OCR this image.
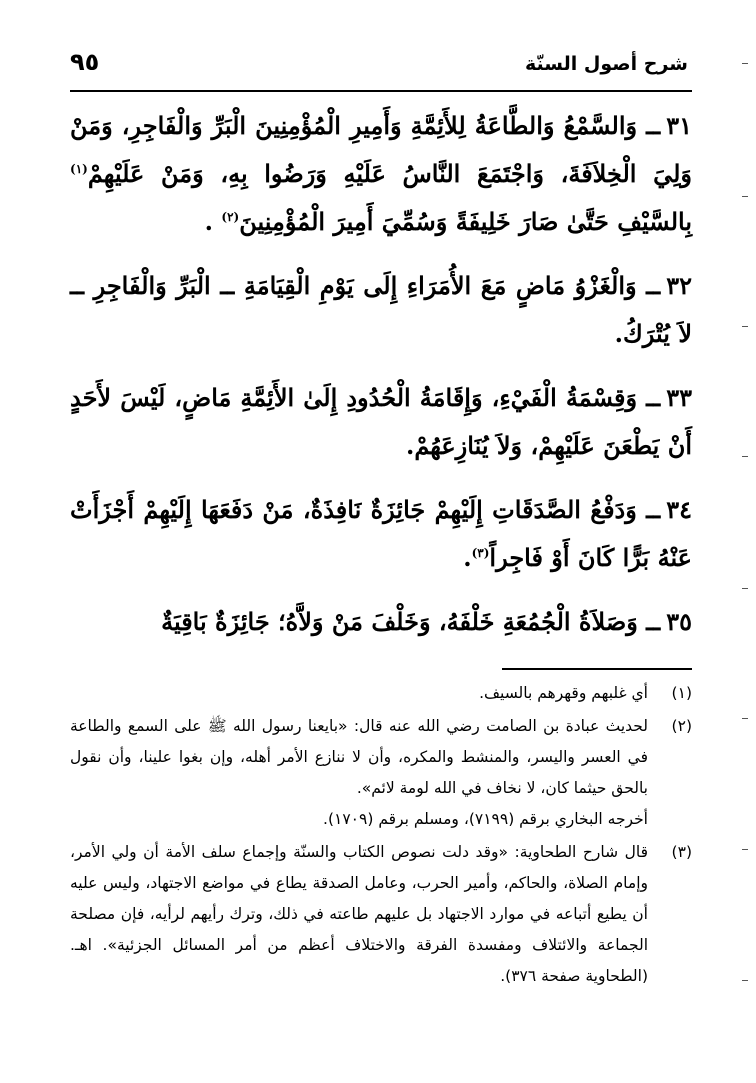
شرح أصول السنّة
٩٥

٣١ــ وَالسَّمْعُ وَالطَّاعَةُ لِلأَئِمَّةِ وَأَمِيرِ الْمُؤْمِنِينَ الْبَرِّ وَالْفَاجِرِ، وَمَنْ وَلِيَ الْخِلاَفَةَ، وَاجْتَمَعَ النَّاسُ عَلَيْهِ وَرَضُوا بِهِ، وَمَنْ عَلَيْهِمْ$^{(١)}$ بِالسَّيْفِ حَتَّىٰ صَارَ خَلِيفَةً وَسُمِّيَ أَمِيرَ الْمُؤْمِنِينَ$^{(٢)}$ .

٣٢ــ وَالْغَزْوُ مَاضٍ مَعَ الأُمَرَاءِ إِلَى يَوْمِ الْقِيَامَةِ ــ الْبَرِّ وَالْفَاجِرِ ــ لاَ يُتْرَكُ.

٣٣ــ وَقِسْمَةُ الْفَيْءِ، وَإِقَامَةُ الْحُدُودِ إِلَىٰ الأَئِمَّةِ مَاضٍ، لَيْسَ لأَحَدٍ أَنْ يَطْعَنَ عَلَيْهِمْ، وَلاَ يُنَازِعَهُمْ.

٣٤ــ وَدَفْعُ الصَّدَقَاتِ إِلَيْهِمْ جَائِزَةٌ نَافِذَةٌ، مَنْ دَفَعَهَا إِلَيْهِمْ أَجْزَأَتْ عَنْهُ بَرًّا كَانَ أَوْ فَاجِراً$^{(٣)}$.

٣٥ــ وَصَلاَةُ الْجُمُعَةِ خَلْفَهُ، وَخَلْفَ مَنْ وَلاَّهُ؛ جَائِزَةٌ بَاقِيَةٌ

(١)
أي غلبهم وقهرهم بالسيف.
(٢)
لحديث عبادة بن الصامت رضي الله عنه قال: «بايعنا رسول الله ﷺ على السمع والطاعة في العسر واليسر، والمنشط والمكره، وأن لا ننازع الأمر أهله، وإن بغوا علينا، وأن نقول بالحق حيثما كان، لا نخاف في الله لومة لائم».
أخرجه البخاري برقم (٧١٩٩)، ومسلم برقم (١٧٠٩).
(٣)
قال شارح الطحاوية: «وقد دلت نصوص الكتاب والسنّة وإجماع سلف الأمة أن ولي الأمر، وإمام الصلاة، والحاكم، وأمير الحرب، وعامل الصدقة يطاع في مواضع الاجتهاد، وليس عليه أن يطيع أتباعه في موارد الاجتهاد بل عليهم طاعته في ذلك، وترك رأيهم لرأيه، فإن مصلحة الجماعة والائتلاف ومفسدة الفرقة والاختلاف أعظم من أمر المسائل الجزئية». اهـ. (الطحاوية صفحة ٣٧٦).
